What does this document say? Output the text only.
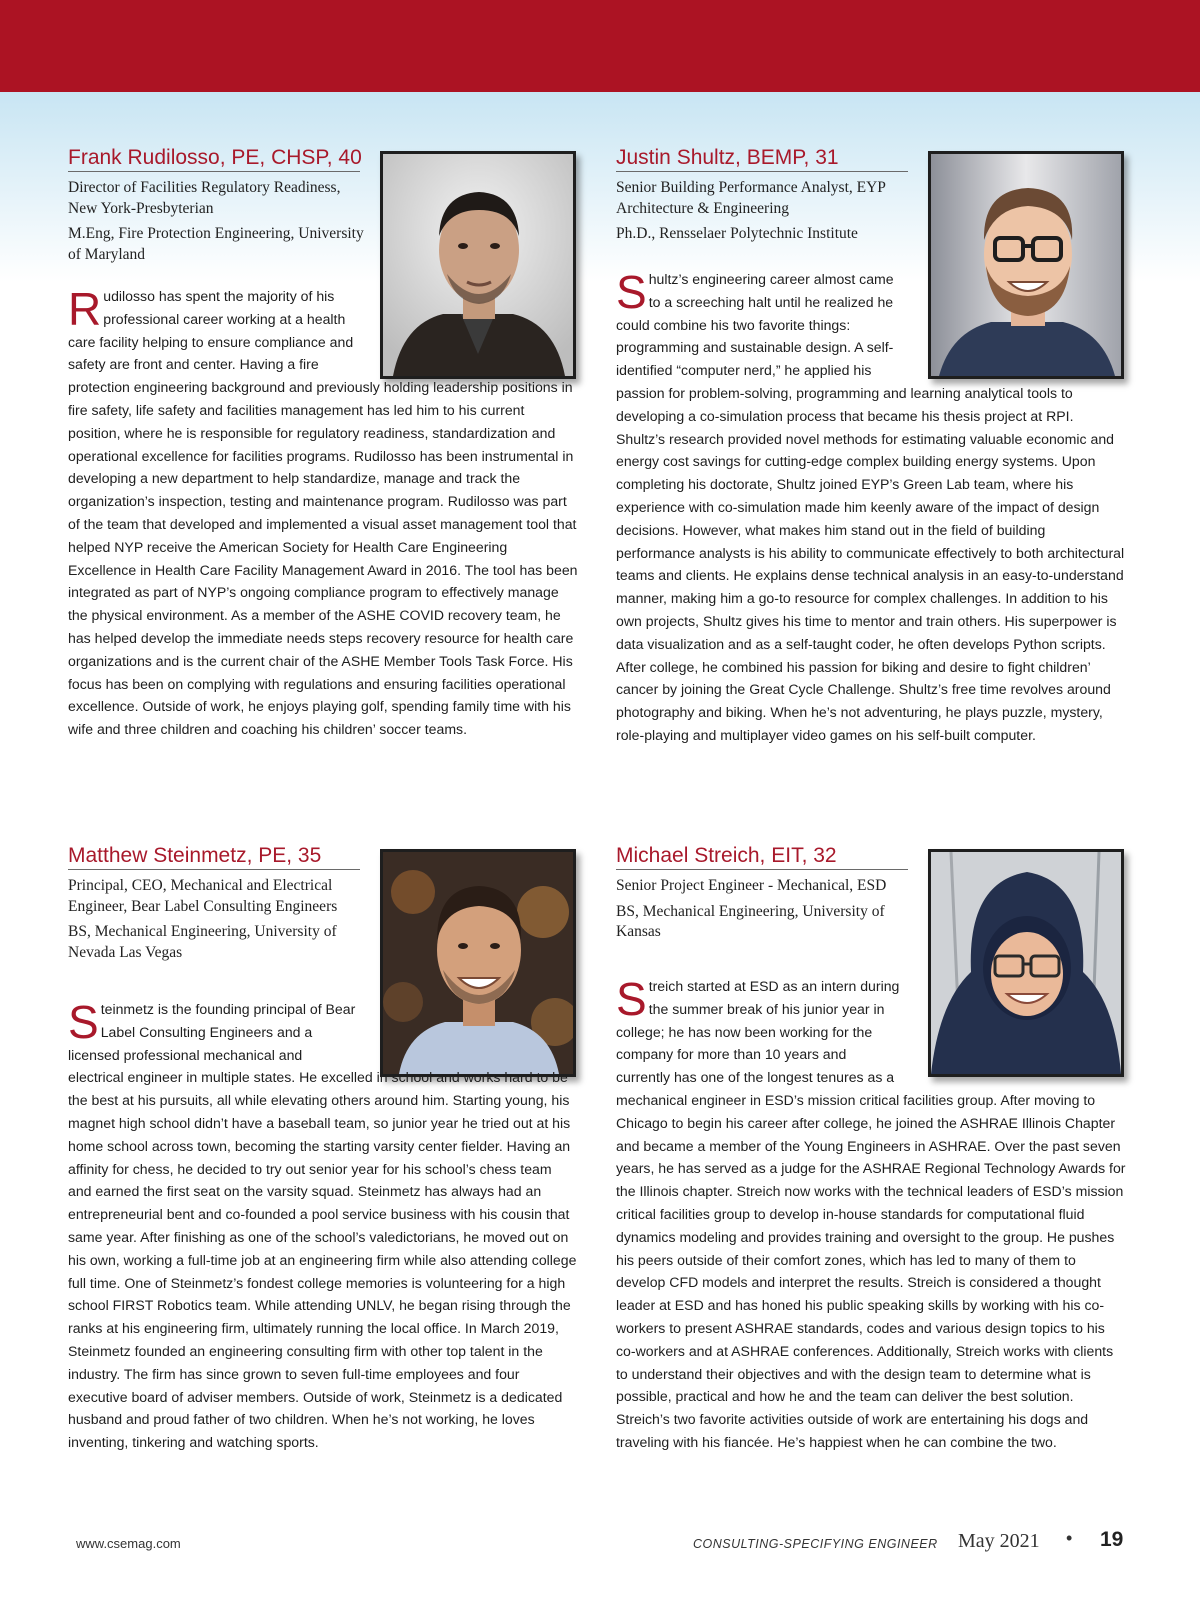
Frank Rudilosso, PE, CHSP, 40

Director of Facilities Regulatory Readiness, New York-Presbyterian

M.Eng, Fire Protection Engineering, University of Maryland

Rudilosso has spent the majority of his professional career working at a health care facility helping to ensure compliance and safety are front and center. Having a fire protection engineering background and previously holding leadership positions in fire safety, life safety and facilities management has led him to his current position, where he is responsible for regulatory readiness, standardization and operational excellence for facilities programs. Rudilosso has been instrumental in developing a new department to help standardize, manage and track the organization’s inspection, testing and maintenance program. Rudilosso was part of the team that developed and implemented a visual asset management tool that helped NYP receive the American Society for Health Care Engineering Excellence in Health Care Facility Management Award in 2016. The tool has been integrated as part of NYP’s ongoing compliance program to effectively manage the physical environment. As a member of the ASHE COVID recovery team, he has helped develop the immediate needs steps recovery resource for health care organizations and is the current chair of the ASHE Member Tools Task Force. His focus has been on complying with regulations and ensuring facilities operational excellence. Outside of work, he enjoys playing golf, spending family time with his wife and three children and coaching his children’ soccer teams.

Justin Shultz, BEMP, 31

Senior Building Performance Analyst, EYP Architecture & Engineering

Ph.D., Rensselaer Polytechnic Institute

Shultz’s engineering career almost came to a screeching halt until he realized he could combine his two favorite things: programming and sustainable design. A self-identified “computer nerd,” he applied his passion for problem-solving, programming and learning analytical tools to developing a co-simulation process that became his thesis project at RPI. Shultz’s research provided novel methods for estimating valuable economic and energy cost savings for cutting-edge complex building energy systems. Upon completing his doctorate, Shultz joined EYP’s Green Lab team, where his experience with co-simulation made him keenly aware of the impact of design decisions. However, what makes him stand out in the field of building performance analysts is his ability to communicate effectively to both architectural teams and clients. He explains dense technical analysis in an easy-to-understand manner, making him a go-to resource for complex challenges. In addition to his own projects, Shultz gives his time to mentor and train others. His superpower is data visualization and as a self-taught coder, he often develops Python scripts. After college, he combined his passion for biking and desire to fight children’ cancer by joining the Great Cycle Challenge. Shultz’s free time revolves around photography and biking. When he’s not adventuring, he plays puzzle, mystery, role-playing and multiplayer video games on his self-built computer.

Matthew Steinmetz, PE, 35

Principal, CEO, Mechanical and Electrical Engineer, Bear Label Consulting Engineers

BS, Mechanical Engineering, University of Nevada Las Vegas

Steinmetz is the founding principal of Bear Label Consulting Engineers and a licensed professional mechanical and electrical engineer in multiple states. He excelled in school and works hard to be the best at his pursuits, all while elevating others around him. Starting young, his magnet high school didn’t have a baseball team, so junior year he tried out at his home school across town, becoming the starting varsity center fielder. Having an affinity for chess, he decided to try out senior year for his school’s chess team and earned the first seat on the varsity squad. Steinmetz has always had an entrepreneurial bent and co-founded a pool service business with his cousin that same year. After finishing as one of the school’s valedictorians, he moved out on his own, working a full-time job at an engineering firm while also attending college full time. One of Steinmetz’s fondest college memories is volunteering for a high school FIRST Robotics team. While attending UNLV, he began rising through the ranks at his engineering firm, ultimately running the local office. In March 2019, Steinmetz founded an engineering consulting firm with other top talent in the industry. The firm has since grown to seven full-time employees and four executive board of adviser members. Outside of work, Steinmetz is a dedicated husband and proud father of two children. When he’s not working, he loves inventing, tinkering and watching sports.

Michael Streich, EIT, 32

Senior Project Engineer - Mechanical, ESD

BS, Mechanical Engineering, University of Kansas

Streich started at ESD as an intern during the summer break of his junior year in college; he has now been working for the company for more than 10 years and currently has one of the longest tenures as a mechanical engineer in ESD’s mission critical facilities group. After moving to Chicago to begin his career after college, he joined the ASHRAE Illinois Chapter and became a member of the Young Engineers in ASHRAE. Over the past seven years, he has served as a judge for the ASHRAE Regional Technology Awards for the Illinois chapter. Streich now works with the technical leaders of ESD’s mission critical facilities group to develop in-house standards for computational fluid dynamics modeling and provides training and oversight to the group. He pushes his peers outside of their comfort zones, which has led to many of them to develop CFD models and interpret the results. Streich is considered a thought leader at ESD and has honed his public speaking skills by working with his co-workers to present ASHRAE standards, codes and various design topics to his co-workers and at ASHRAE conferences. Additionally, Streich works with clients to understand their objectives and with the design team to determine what is possible, practical and how he and the team can deliver the best solution. Streich’s two favorite activities outside of work are entertaining his dogs and traveling with his fiancée. He’s happiest when he can combine the two.

www.csemag.com	CONSULTING-SPECIFYING ENGINEER May 2021 • 19
